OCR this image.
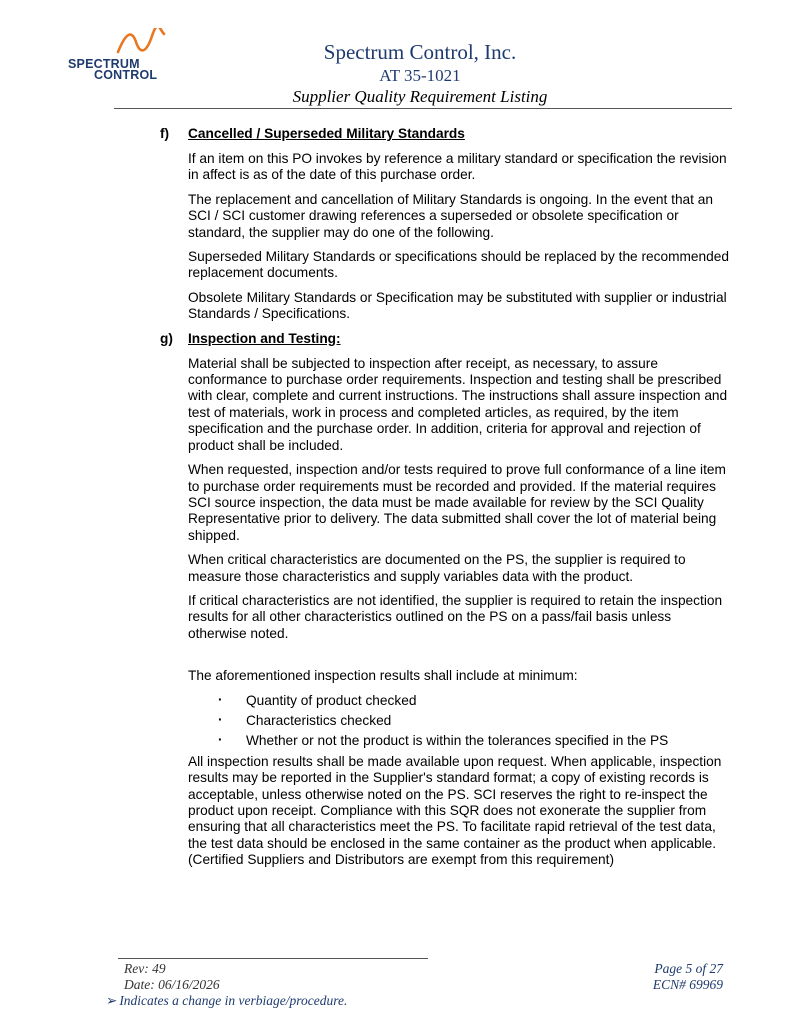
SPECTRUM
CONTROL
Spectrum Control, Inc.
AT 35-1021
Supplier Quality Requirement Listing
f) Cancelled / Superseded Military Standards

If an item on this PO invokes by reference a military standard or specification the revision in affect is as of the date of this purchase order.

The replacement and cancellation of Military Standards is ongoing. In the event that an SCI / SCI customer drawing references a superseded or obsolete specification or standard, the supplier may do one of the following.

Superseded Military Standards or specifications should be replaced by the recommended replacement documents.

Obsolete Military Standards or Specification may be substituted with supplier or industrial Standards / Specifications.

g) Inspection and Testing:

Material shall be subjected to inspection after receipt, as necessary, to assure conformance to purchase order requirements. Inspection and testing shall be prescribed with clear, complete and current instructions. The instructions shall assure inspection and test of materials, work in process and completed articles, as required, by the item specification and the purchase order. In addition, criteria for approval and rejection of product shall be included.

When requested, inspection and/or tests required to prove full conformance of a line item to purchase order requirements must be recorded and provided. If the material requires SCI source inspection, the data must be made available for review by the SCI Quality Representative prior to delivery. The data submitted shall cover the lot of material being shipped.

When critical characteristics are documented on the PS, the supplier is required to measure those characteristics and supply variables data with the product.

If critical characteristics are not identified, the supplier is required to retain the inspection results for all other characteristics outlined on the PS on a pass/fail basis unless otherwise noted.

The aforementioned inspection results shall include at minimum:

· Quantity of product checked
· Characteristics checked
· Whether or not the product is within the tolerances specified in the PS

All inspection results shall be made available upon request. When applicable, inspection results may be reported in the Supplier's standard format; a copy of existing records is acceptable, unless otherwise noted on the PS. SCI reserves the right to re-inspect the product upon receipt. Compliance with this SQR does not exonerate the supplier from ensuring that all characteristics meet the PS. To facilitate rapid retrieval of the test data, the test data should be enclosed in the same container as the product when applicable. (Certified Suppliers and Distributors are exempt from this requirement)

Rev: 49
Date: 06/16/2026
Page 5 of 27
ECN# 69969
➢ Indicates a change in verbiage/procedure.
